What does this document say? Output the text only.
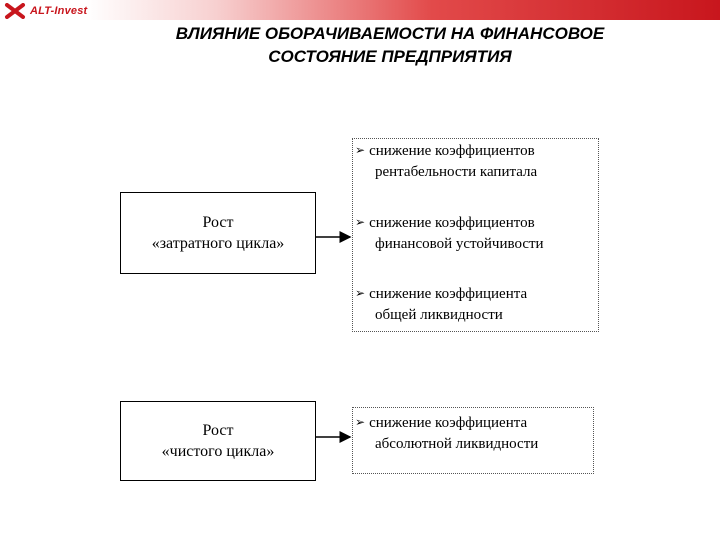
ALT-Invest
ВЛИЯНИЕ ОБОРАЧИВАЕМОСТИ НА ФИНАНСОВОЕ
СОСТОЯНИЕ ПРЕДПРИЯТИЯ
Рост
«затратного цикла»
Рост
«чистого цикла»
➢ снижение коэффициентов
рентабельности капитала
➢ снижение коэффициентов
финансовой устойчивости
➢ снижение коэффициента
общей ликвидности
➢ снижение коэффициента
абсолютной ликвидности
